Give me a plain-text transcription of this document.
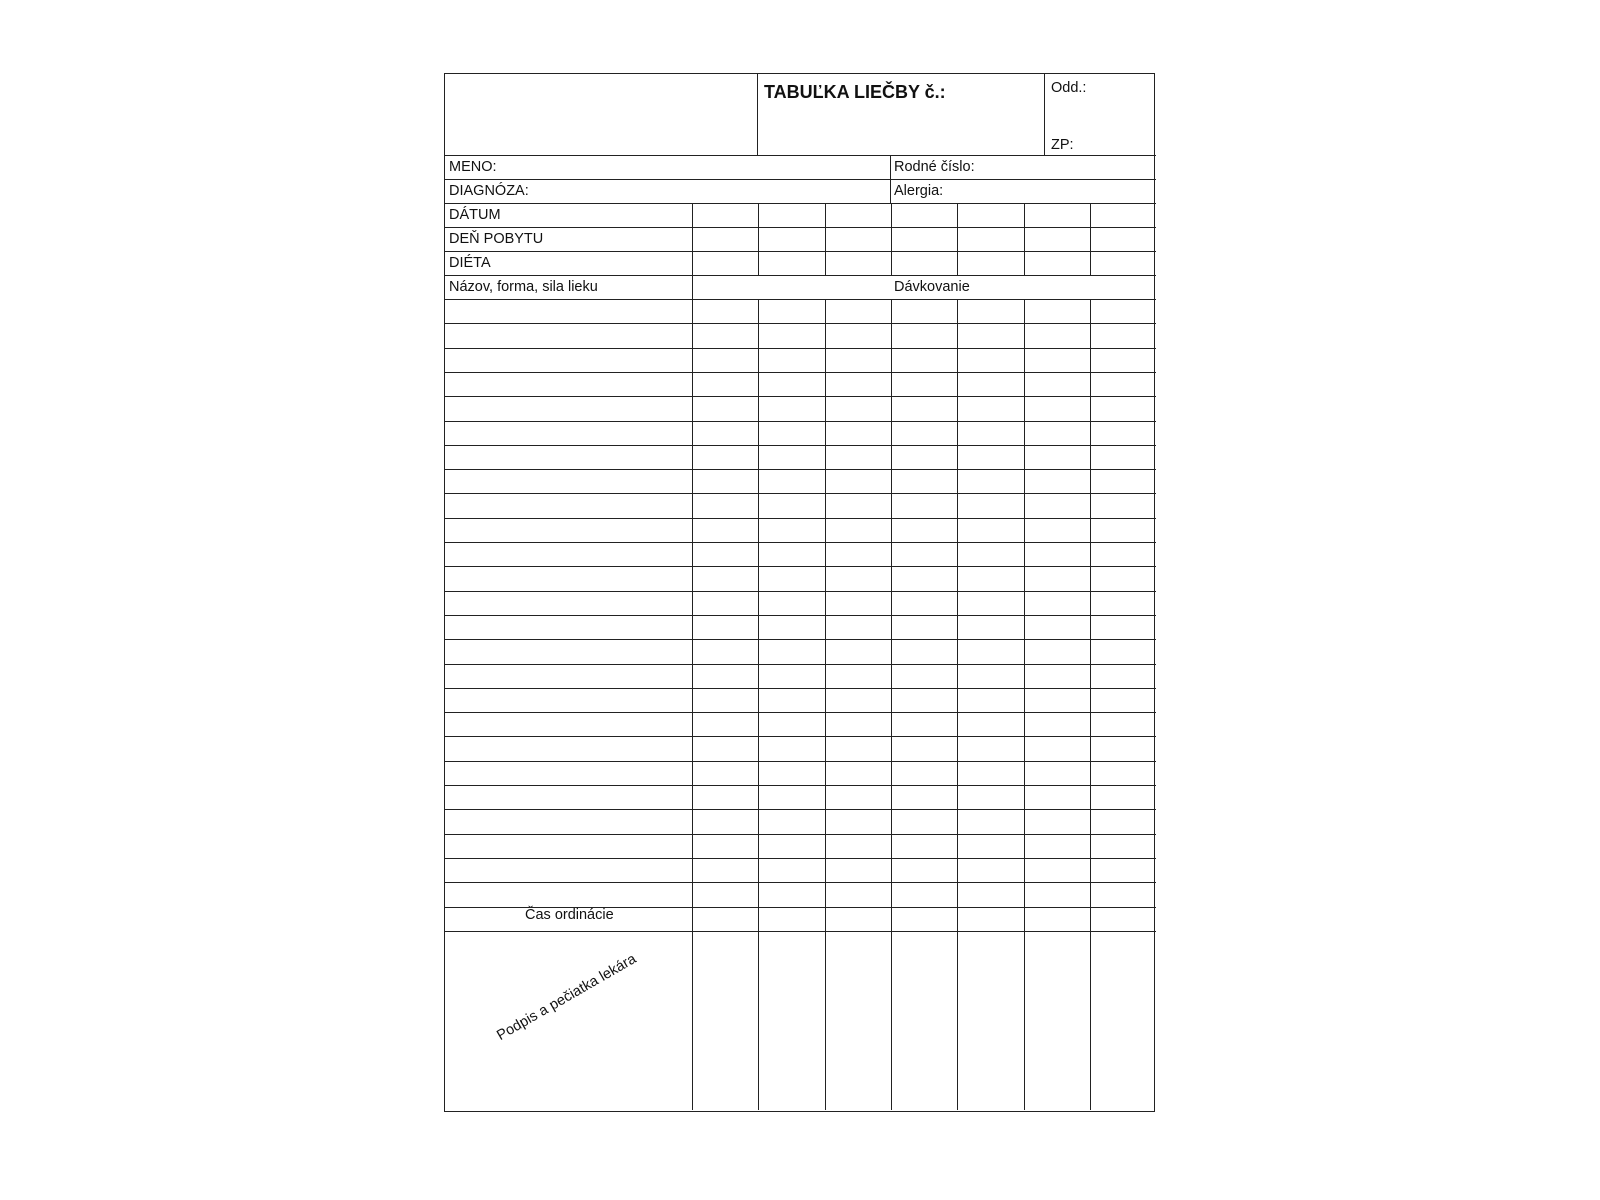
TABUĽKA LIEČBY č.:	Odd.:
ZP:
MENO:	Rodné číslo:
DIAGNÓZA:	Alergia:
DÁTUM
DEŇ POBYTU
DIÉTA
Názov, forma, sila lieku	Dávkovanie
Čas ordinácie
Podpis a pečiatka lekára
